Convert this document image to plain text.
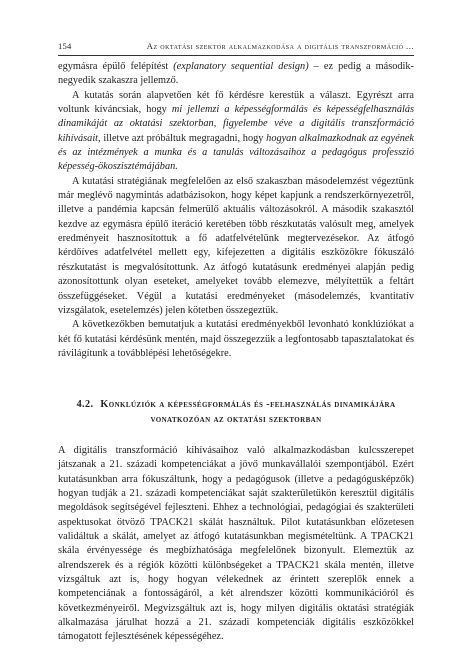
154	Az oktatási szektor alkalmazkodása a digitális transzformáció ...

egymásra épülő felépítést (explanatory sequential design) – ez pedig a második-negyedik szakaszra jellemző.

A kutatás során alapvetően két fő kérdésre kerestük a választ. Egyrészt arra voltunk kíváncsiak, hogy mi jellemzi a képességformálás és képességfelhasználás dinamikáját az oktatási szektorban, figyelembe véve a digitális transzformáció kihívásait, illetve azt próbáltuk megragadni, hogy hogyan alkalmazkodnak az egyének és az intézmények a munka és a tanulás változásaihoz a pedagógus professzió képesség-ökoszisztémájában.

A kutatási stratégiának megfelelően az első szakaszban másodelemzést végeztünk már meglévő nagymintás adatbázisokon, hogy képet kapjunk a rendszerkörnyezetről, illetve a pandémia kapcsán felmerülő aktuális változásokról. A második szakasztól kezdve az egymásra épülő iteráció keretében több részkutatás valósult meg, amelyek eredményeit hasznosítottuk a fő adatfelvételünk megtervezésekor. Az átfogó kérdőíves adatfelvétel mellett egy, kifejezetten a digitális eszközökre fókuszáló részkutatást is megvalósítottunk. Az átfogó kutatásunk eredményei alapján pedig azonosítottunk olyan eseteket, amelyeket tovább elemezve, mélyítettük a feltárt összefüggéseket. Végül a kutatási eredményeket (másodelemzés, kvantitatív vizsgálatok, esetelemzés) jelen kötetben összegeztük.

A következőkben bemutatjuk a kutatási eredményekből levonható konklúziókat a két fő kutatási kérdésünk mentén, majd összegezzük a legfontosabb tapasztalatokat és rávilágítunk a továbblépési lehetőségekre.

4.2. Konklúziók a képességformálás és -felhasználás dinamikájára vonatkozóan az oktatási szektorban

A digitális transzformáció kihívásaihoz való alkalmazkodásban kulcsszerepet játszanak a 21. századi kompetenciákat a jövő munkavállalói szempontjából. Ezért kutatásunkban arra fókuszáltunk, hogy a pedagógusok (illetve a pedagógusképzők) hogyan tudják a 21. századi kompetenciákat saját szakterületükön keresztül digitális megoldások segítségével fejleszteni. Ehhez a technológiai, pedagógiai és szakterületi aspektusokat ötvöző TPACK21 skálát használtuk. Pilot kutatásunkban előzetesen validáltuk a skálát, amelyet az átfogó kutatásunkban megismételtünk. A TPACK21 skála érvényessége és megbízhatósága megfelelőnek bizonyult. Elemeztük az alrendszerek és a régiók közötti különbségeket a TPACK21 skála mentén, illetve vizsgáltuk azt is, hogy hogyan vélekednek az érintett szereplők ennek a kompetenciának a fontosságáról, a két alrendszer közötti kommunikációról és következményeiről. Megvizsgáltuk azt is, hogy milyen digitális oktatási stratégiák alkalmazása járulhat hozzá a 21. századi kompetenciák digitális eszközökkel támogatott fejlesztésének képességéhez.
